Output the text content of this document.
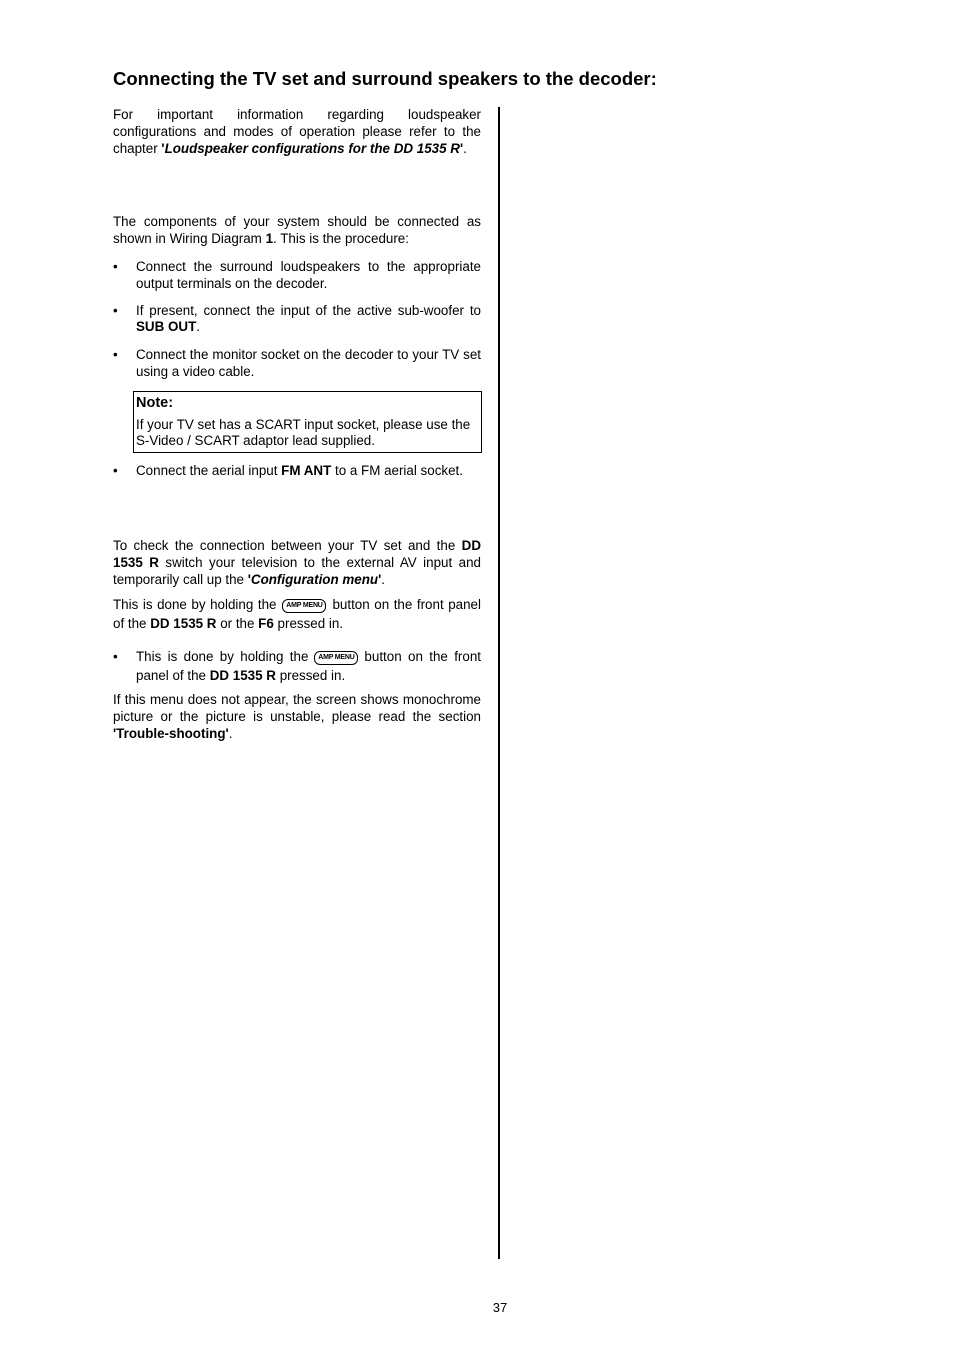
Connecting the TV set and surround speakers to the decoder:

For important information regarding loudspeaker configurations and modes of operation please refer to the chapter 'Loudspeaker configurations for the DD 1535 R'.

The components of your system should be connected as shown in Wiring Diagram 1. This is the procedure:

• Connect the surround loudspeakers to the appropriate output terminals on the decoder.
• If present, connect the input of the active sub-woofer to SUB OUT.
• Connect the monitor socket on the decoder to your TV set using a video cable.
Note:
If your TV set has a SCART input socket, please use the S-Video / SCART adaptor lead supplied.
• Connect the aerial input FM ANT to a FM aerial socket.

To check the connection between your TV set and the DD 1535 R switch your television to the external AV input and temporarily call up the 'Configuration menu'.

This is done by holding the AMP MENU button on the front panel of the DD 1535 R or the F6 pressed in.

• This is done by holding the AMP MENU button on the front panel of the DD 1535 R pressed in.

If this menu does not appear, the screen shows monochrome picture or the picture is unstable, please read the section 'Trouble-shooting'.

37
